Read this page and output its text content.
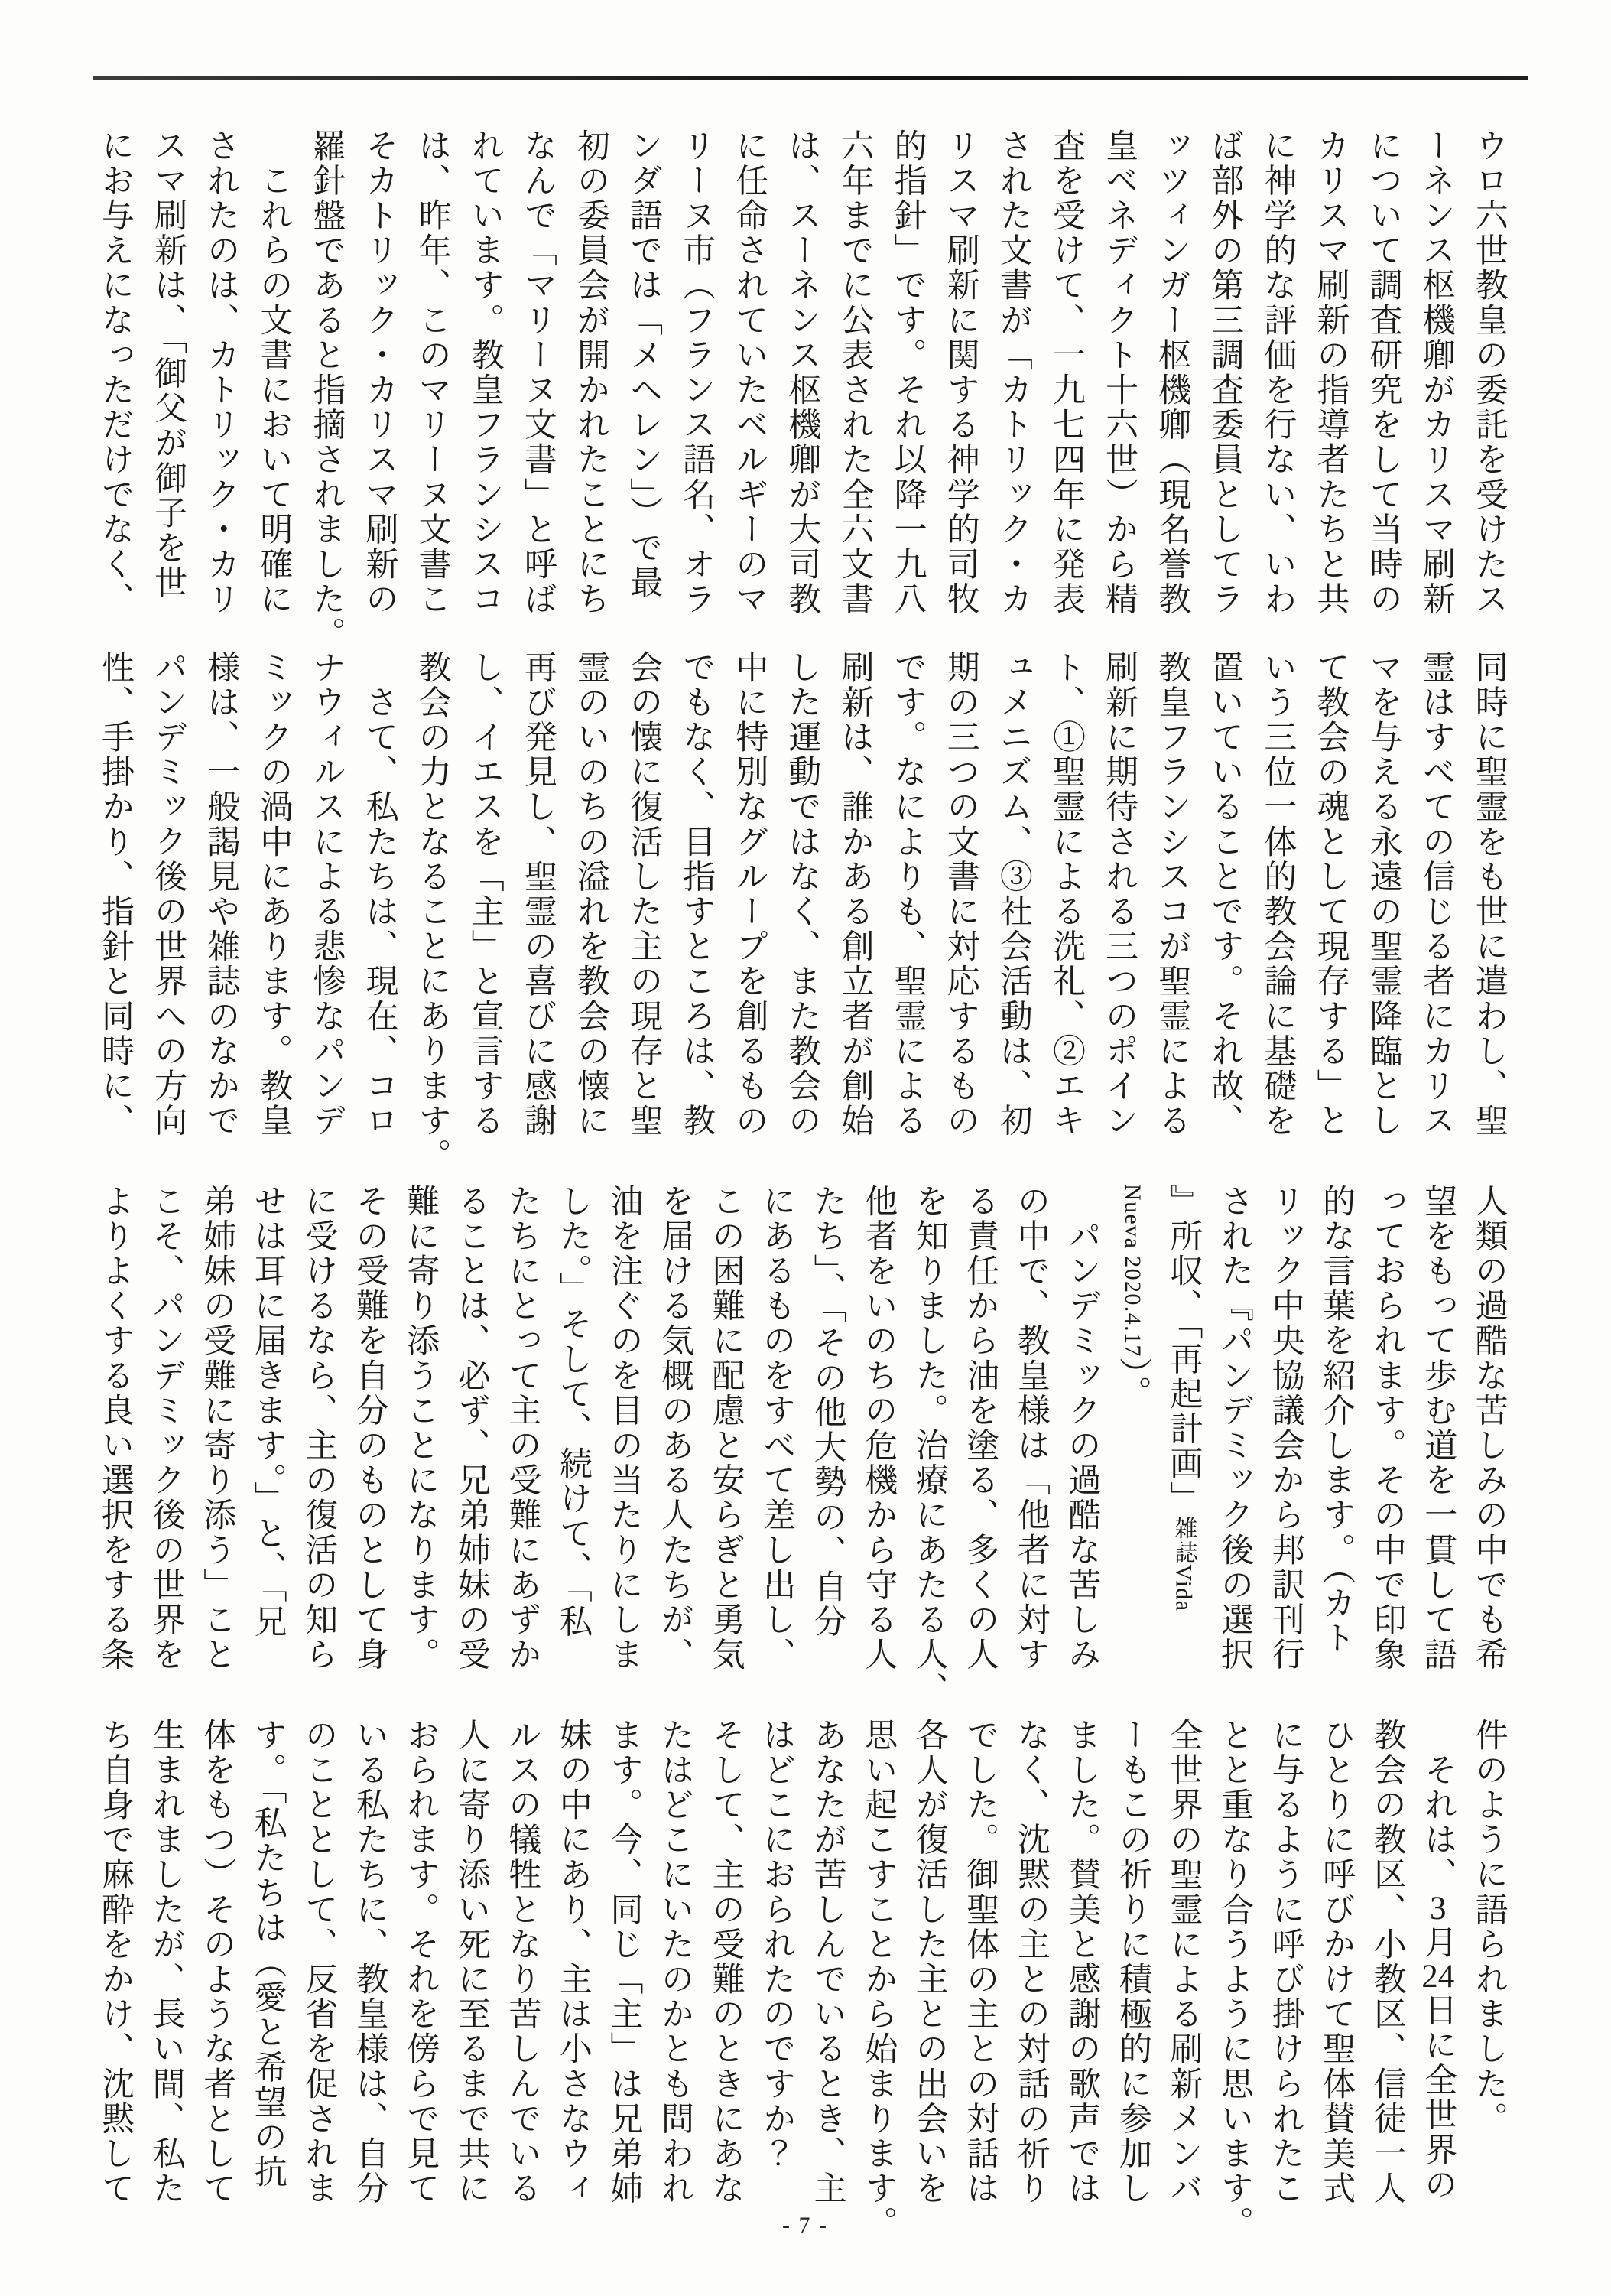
ウロ六世教皇の委託を受けたス
ーネンス枢機卿がカリスマ刷新
について調査研究をして当時の
カリスマ刷新の指導者たちと共
に神学的な評価を行ない、いわ
ば部外の第三調査委員としてラ
ッツィンガー枢機卿（現名誉教
皇ベネディクト十六世）から精
査を受けて、一九七四年に発表
された文書が「カトリック・カ
リスマ刷新に関する神学的司牧
的指針」です。それ以降一九八
六年までに公表された全六文書
は、スーネンス枢機卿が大司教
に任命されていたベルギーのマ
リーヌ市（フランス語名、オラ
ンダ語では「メヘレン」）で最
初の委員会が開かれたことにち
なんで「マリーヌ文書」と呼ば
れています。教皇フランシスコ
は、昨年、このマリーヌ文書こ
そカトリック・カリスマ刷新の
羅針盤であると指摘されました。
　これらの文書において明確に
されたのは、カトリック・カリ
スマ刷新は、「御父が御子を世
にお与えになっただけでなく、
同時に聖霊をも世に遣わし、聖
霊はすべての信じる者にカリス
マを与える永遠の聖霊降臨とし
て教会の魂として現存する」と
いう三位一体的教会論に基礎を
置いていることです。それ故、
教皇フランシスコが聖霊による
刷新に期待される三つのポイン
ト、①聖霊による洗礼、②エキ
ュメニズム、③社会活動は、初
期の三つの文書に対応するもの
です。なによりも、聖霊による
刷新は、誰かある創立者が創始
した運動ではなく、また教会の
中に特別なグループを創るもの
でもなく、目指すところは、教
会の懐に復活した主の現存と聖
霊のいのちの溢れを教会の懐に
再び発見し、聖霊の喜びに感謝
し、イエスを「主」と宣言する
教会の力となることにあります。
　さて、私たちは、現在、コロ
ナウィルスによる悲惨なパンデ
ミックの渦中にあります。教皇
様は、一般謁見や雑誌のなかで
パンデミック後の世界への方向
性、手掛かり、指針と同時に、
人類の過酷な苦しみの中でも希
望をもって歩む道を一貫して語
っておられます。その中で印象
的な言葉を紹介します。（カト
リック中央協議会から邦訳刊行
された『パンデミック後の選択
』所収、「再起計画」雑誌Vida
Nueva 2020.4.17）。
　パンデミックの過酷な苦しみ
の中で、教皇様は「他者に対す
る責任から油を塗る、多くの人
を知りました。治療にあたる人、
他者をいのちの危機から守る人
たち」、「その他大勢の、自分
にあるものをすべて差し出し、
この困難に配慮と安らぎと勇気
を届ける気概のある人たちが、
油を注ぐのを目の当たりにしま
した。」そして、続けて、「私
たちにとって主の受難にあずか
ることは、必ず、兄弟姉妹の受
難に寄り添うことになります。
その受難を自分のものとして身
に受けるなら、主の復活の知ら
せは耳に届きます。」と、「兄
弟姉妹の受難に寄り添う」こと
こそ、パンデミック後の世界を
よりよくする良い選択をする条
件のように語られました。
　それは、3月24日に全世界の
教会の教区、小教区、信徒一人
ひとりに呼びかけて聖体賛美式
に与るように呼び掛けられたこ
とと重なり合うように思います。
全世界の聖霊による刷新メンバ
ーもこの祈りに積極的に参加し
ました。賛美と感謝の歌声では
なく、沈黙の主との対話の祈り
でした。御聖体の主との対話は
各人が復活した主との出会いを
思い起こすことから始まります。
あなたが苦しんでいるとき、主
はどこにおられたのですか？
そして、主の受難のときにあな
たはどこにいたのかとも問われ
ます。今、同じ「主」は兄弟姉
妹の中にあり、主は小さなウィ
ルスの犠牲となり苦しんでいる
人に寄り添い死に至るまで共に
おられます。それを傍らで見て
いる私たちに、教皇様は、自分
のこととして、反省を促されま
す。「私たちは（愛と希望の抗
体をもつ）そのような者として
生まれましたが、長い間、私た
ち自身で麻酔をかけ、沈黙して
- 7 -
